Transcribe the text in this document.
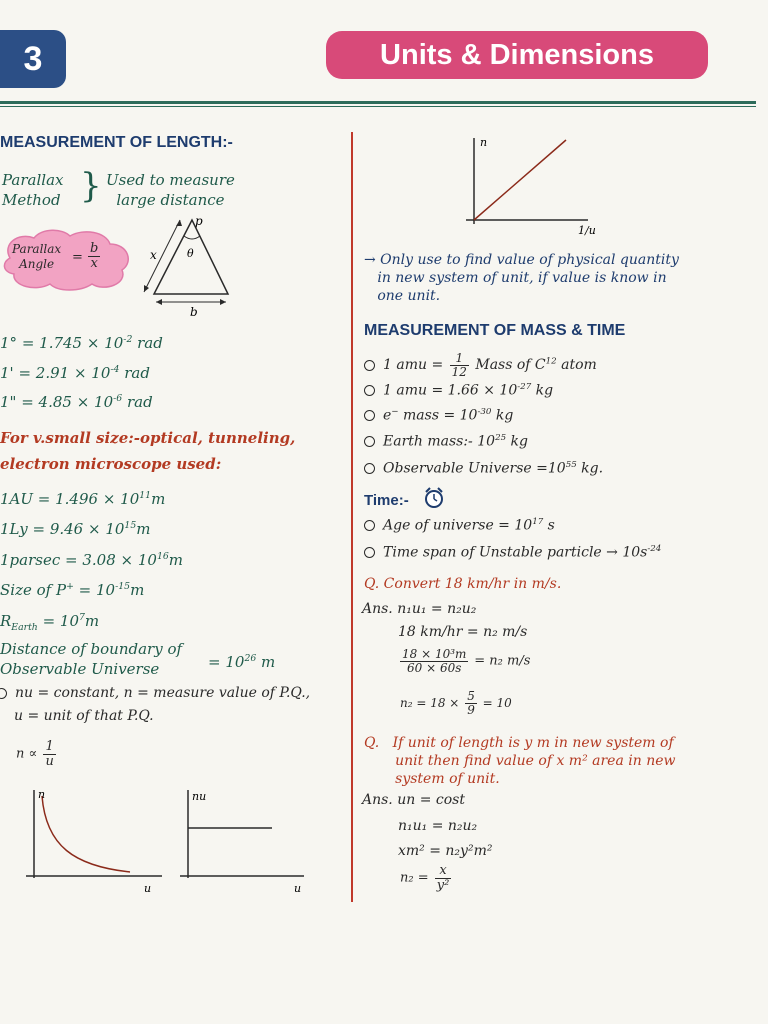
3	Units & Dimensions
MEASUREMENT OF LENGTH:-
Parallax
Method } Used to measure
large distance
Parallax
Angle	= $\frac{b}{x}$
p
θ
x
b
$1^\circ = 1.745 \times 10^{-2}$ rad
$1' = 2.91 \times 10^{-4}$ rad
1" = $4.85 \times 10^{-6}$ rad
For v.small size:-optical, tunneling,
electron microscope used:
$1AU = 1.496 \times 10^{11}m$
$1Ly = 9.46 \times 10^{15}m$
$1parsec = 3.08 \times 10^{16}m$
Size of $P^+ = 10^{-15}m$
$R_{Earth} = 10^7m$
Distance of boundary of
Observable Universe	= $10^{26}$ m
nu = constant, n = measure value of P.Q.,
u = unit of that P.Q.
$n \propto \frac{1}{u}$
n
u
nu
u
n
1/u
→ Only use to find value of physical quantity
in new system of unit, if value is know in
one unit.
MEASUREMENT OF MASS & TIME
1 amu = $\frac{1}{12}$ Mass of $C^{12}$ atom
1 amu = $1.66 \times 10^{-27}$ kg
e− mass = $10^{-30}$ kg
Earth mass:- $10^{25}$ kg
Observable Universe $=10^{55}$ kg.
Time:-
Age of universe = $10^{17}$ s
Time span of Unstable particle → $10s^{-24}$
Q. Convert 18 km/hr in m/s.
Ans. n₁u₁ = n₂u₂
18 km/hr = n₂ m/s
$\frac{\text{18 × 10³m}}{60 \times 60s} = n_2$ m/s
$n_2 = 18 \times \frac{5}{9} = 10$
Q.   If unit of length is y m in new system of
unit then find value of x m² area in new
system of unit.
Ans. un = cost
n₁u₁ = n₂u₂
xm² = n₂y²m²
$n_2 = \frac{x}{\text{y²}}$
